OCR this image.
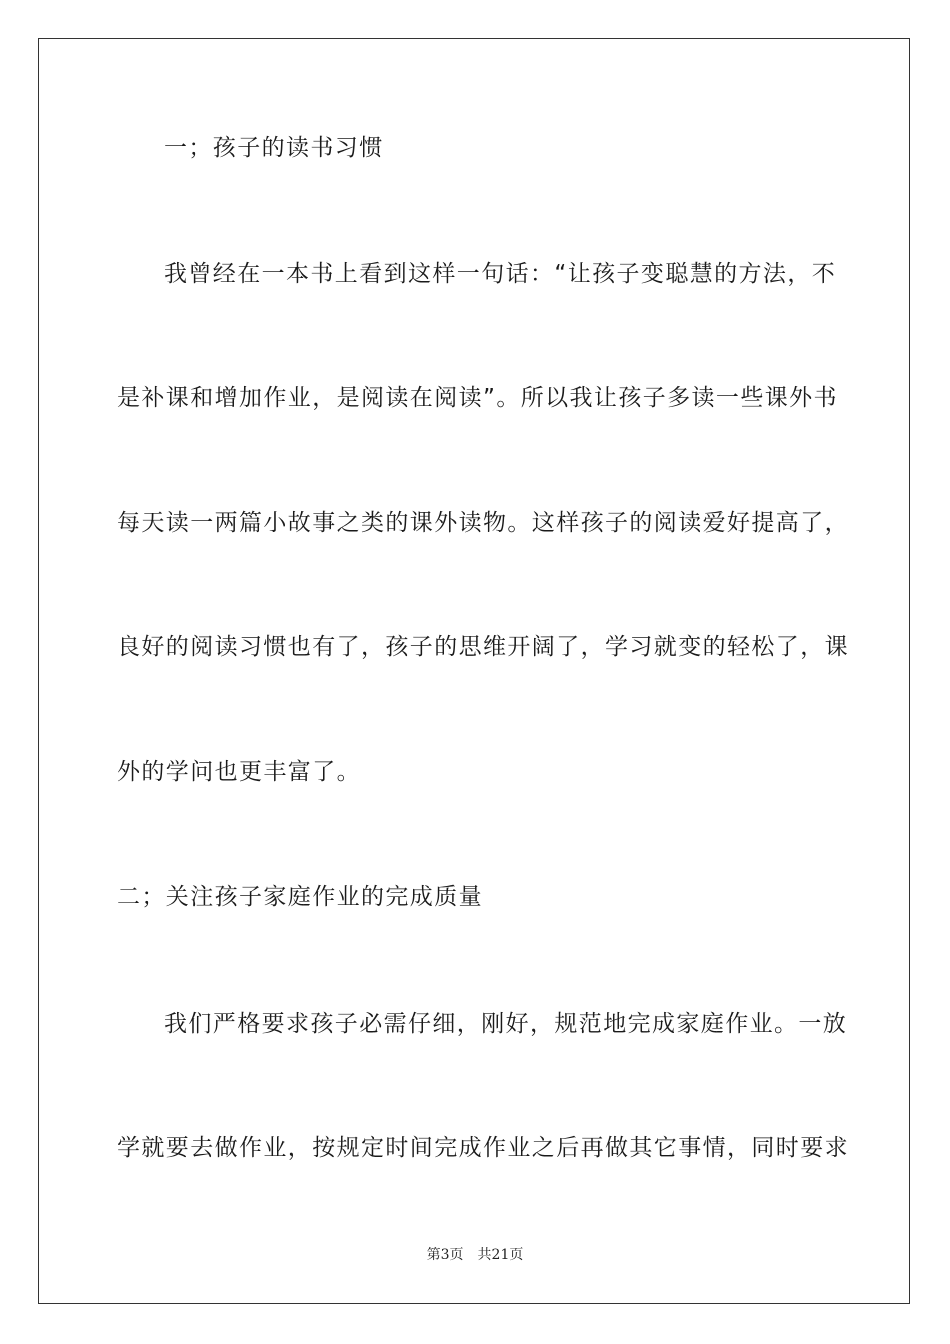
一；孩子的读书习惯
我曾经在一本书上看到这样一句话：“让孩子变聪慧的方法，不
是补课和增加作业，是阅读在阅读”。所以我让孩子多读一些课外书
每天读一两篇小故事之类的课外读物。这样孩子的阅读爱好提高了，
良好的阅读习惯也有了，孩子的思维开阔了，学习就变的轻松了，课
外的学问也更丰富了。
二；关注孩子家庭作业的完成质量
我们严格要求孩子必需仔细，刚好，规范地完成家庭作业。一放
学就要去做作业，按规定时间完成作业之后再做其它事情，同时要求
第3页 共21页
